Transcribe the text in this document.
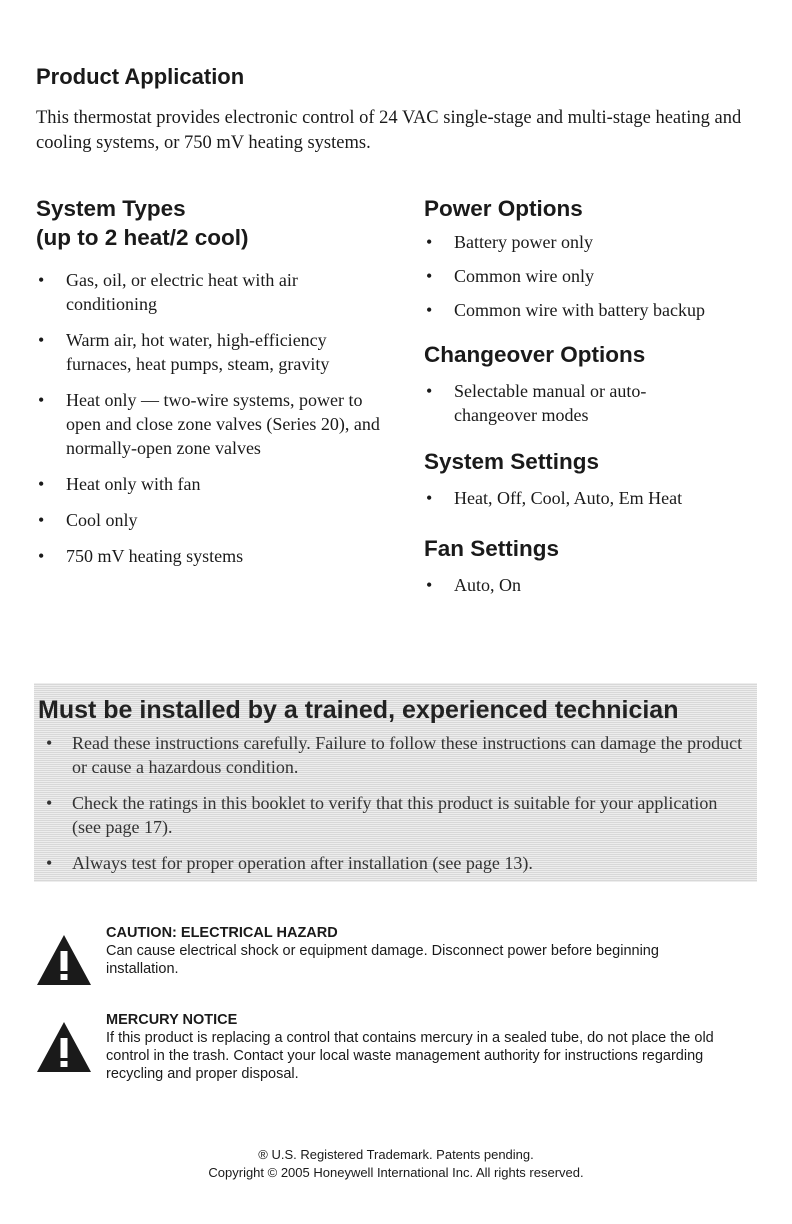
Product Application

This thermostat provides electronic control of 24 VAC single-stage and multi-stage heating and cooling systems, or 750 mV heating systems.

System Types
(up to 2 heat/2 cool)
• Gas, oil, or electric heat with air conditioning
• Warm air, hot water, high-efficiency furnaces, heat pumps, steam, gravity
• Heat only — two-wire systems, power to open and close zone valves (Series 20), and normally-open zone valves
• Heat only with fan
• Cool only
• 750 mV heating systems
Power Options
• Battery power only
• Common wire only
• Common wire with battery backup
Changeover Options
• Selectable manual or auto-changeover modes
System Settings
• Heat, Off, Cool, Auto, Em Heat
Fan Settings
• Auto, On
Must be installed by a trained, experienced technician
• Read these instructions carefully. Failure to follow these instructions can damage the product or cause a hazardous condition.
• Check the ratings in this booklet to verify that this product is suitable for your application (see page 17).
• Always test for proper operation after installation (see page 13).
CAUTION: ELECTRICAL HAZARD
Can cause electrical shock or equipment damage. Disconnect power before beginning installation.
MERCURY NOTICE
If this product is replacing a control that contains mercury in a sealed tube, do not place the old control in the trash. Contact your local waste management authority for instructions regarding recycling and proper disposal.
® U.S. Registered Trademark. Patents pending.
Copyright © 2005 Honeywell International Inc. All rights reserved.
